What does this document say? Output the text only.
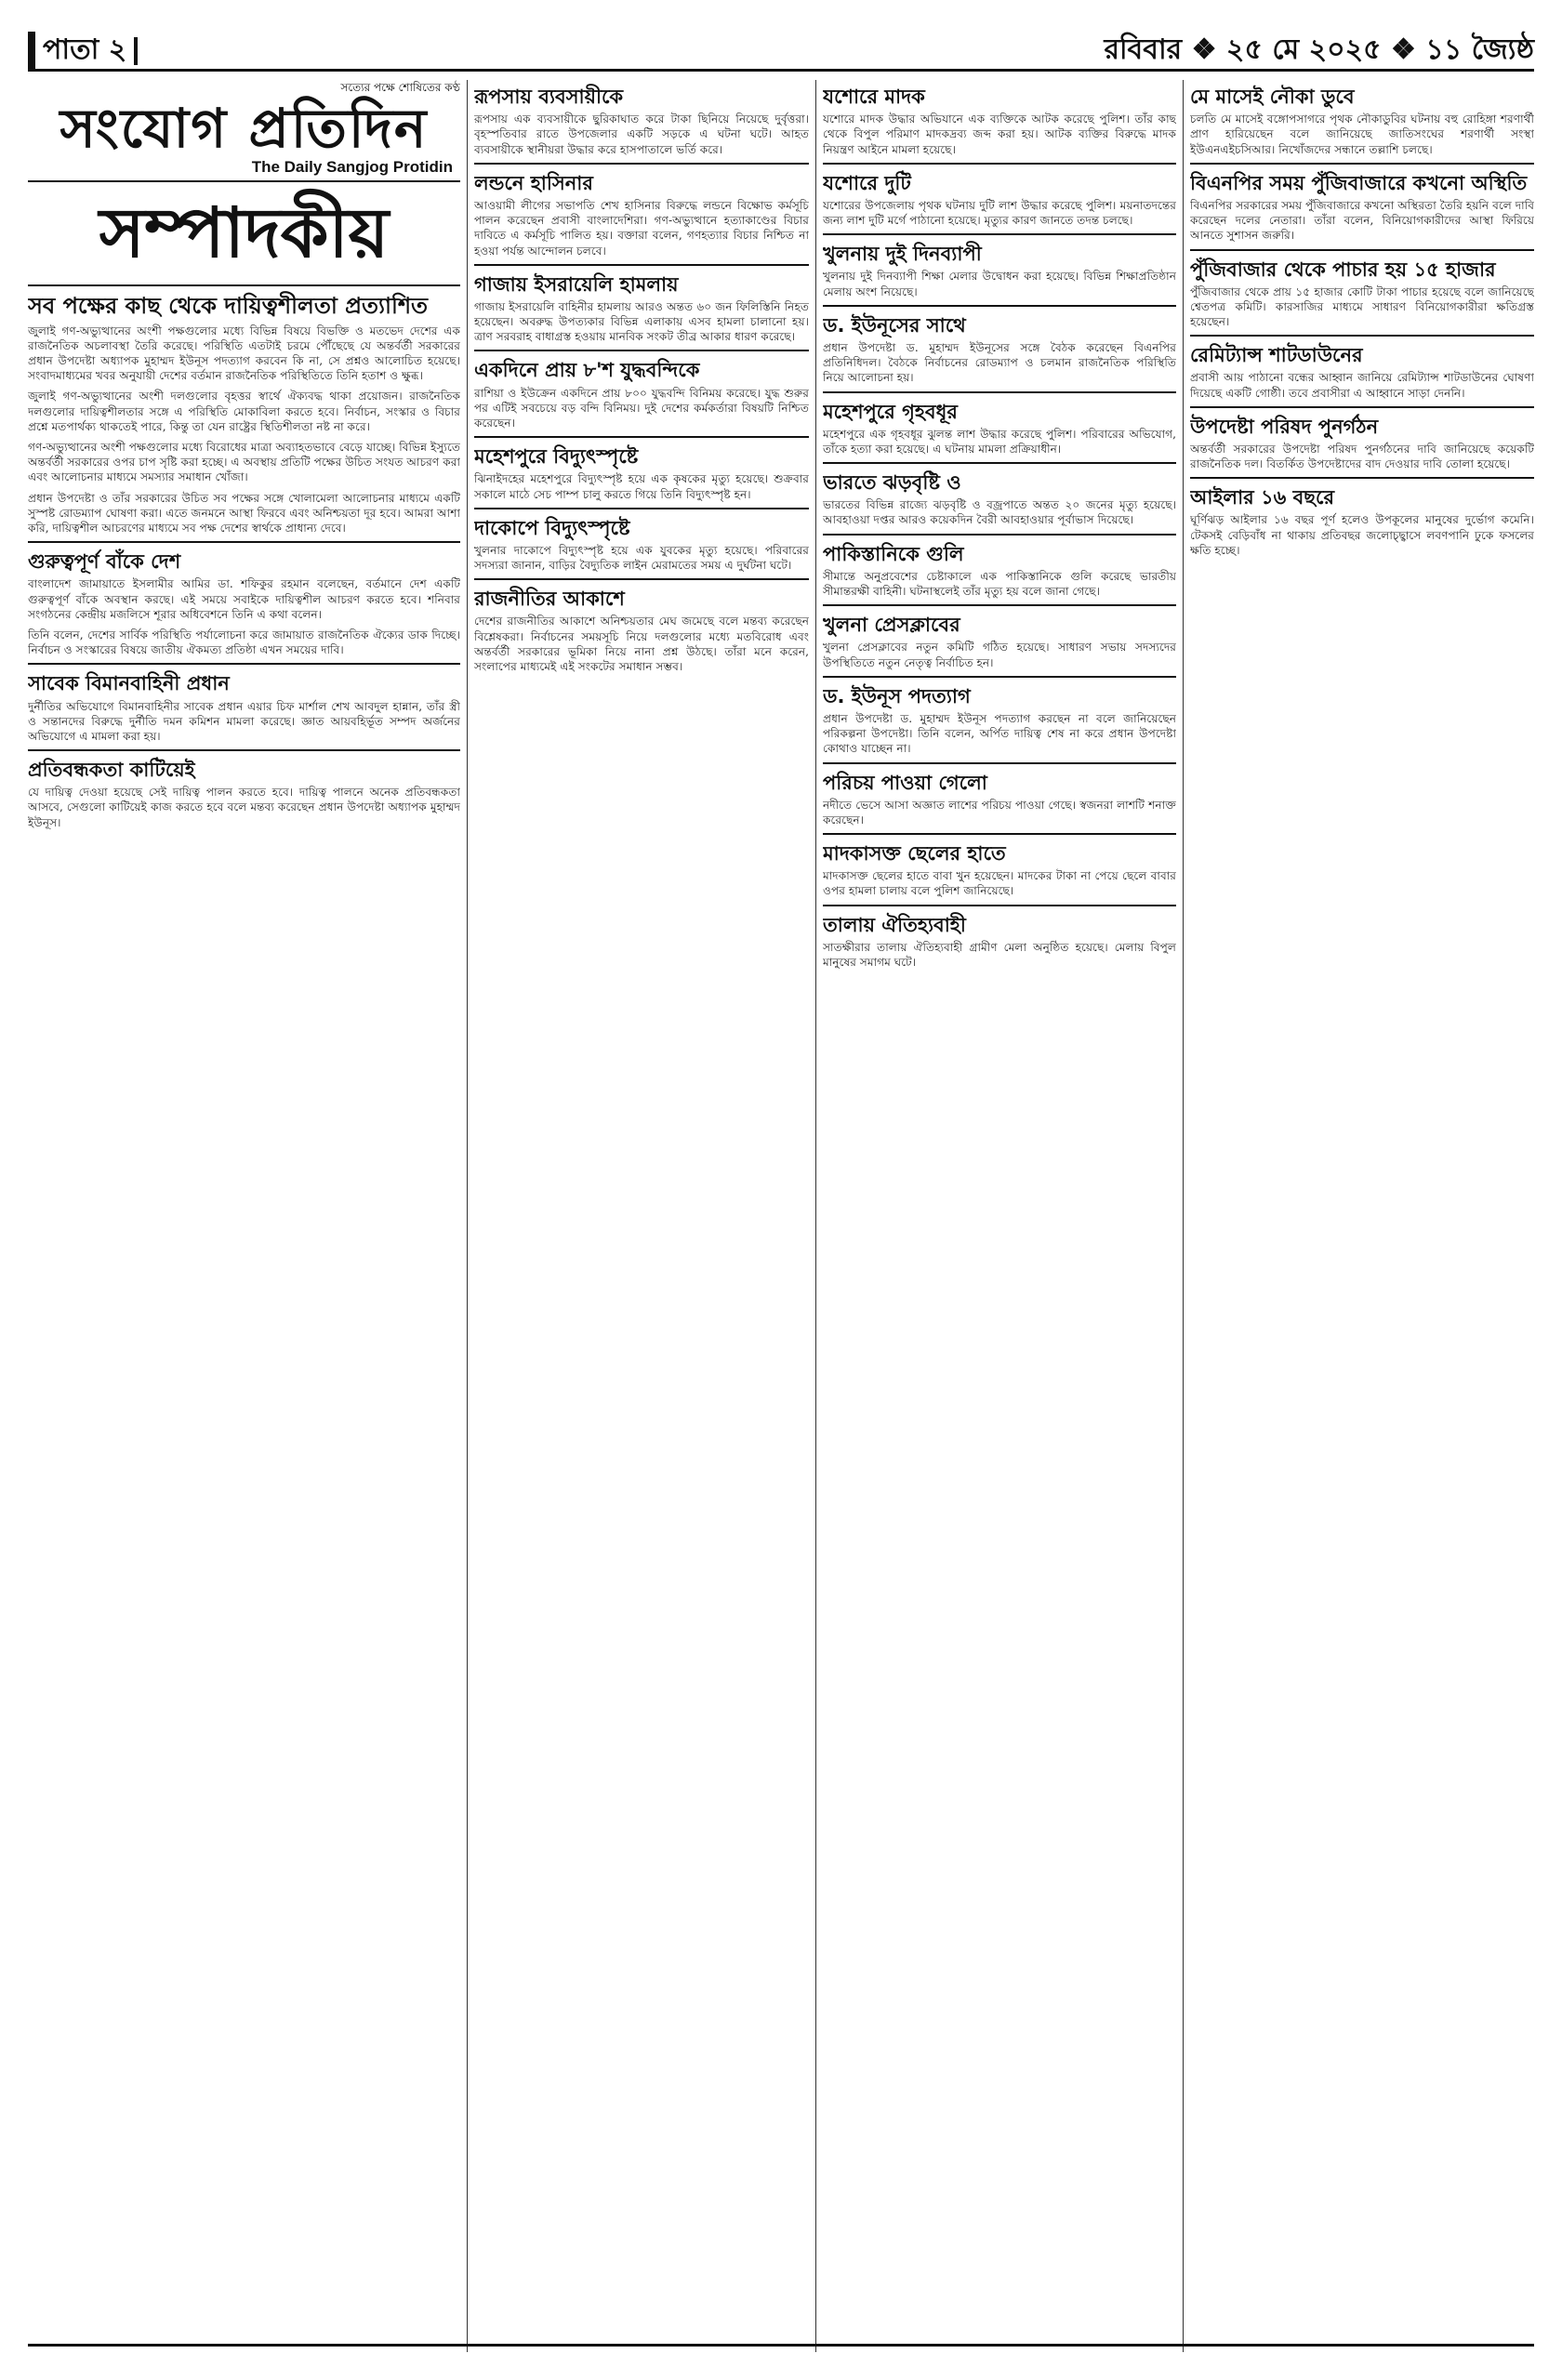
পাতা ২	রবিবার ❖ ২৫ মে ২০২৫ ❖ ১১ জ্যৈষ্ঠ
সত্যের পক্ষে শোষিতের কণ্ঠ
সংযোগ প্রতিদিন
The Daily Sangjog Protidin
সম্পাদকীয়
সব পক্ষের কাছ থেকে দায়িত্বশীলতা প্রত্যাশিত

জুলাই গণ-অভ্যুত্থানের অংশী পক্ষগুলোর মধ্যে বিভিন্ন বিষয়ে বিভক্তি ও মতভেদ দেশের এক রাজনৈতিক অচলাবস্থা তৈরি করেছে। পরিস্থিতি এতটাই চরমে পৌঁছেছে যে অন্তর্বর্তী সরকারের প্রধান উপদেষ্টা অধ্যাপক মুহাম্মদ ইউনূস পদত্যাগ করবেন কি না, সে প্রশ্নও আলোচিত হয়েছে। সংবাদমাধ্যমের খবর অনুযায়ী দেশের বর্তমান রাজনৈতিক পরিস্থিতিতে তিনি হতাশ ও ক্ষুব্ধ।

জুলাই গণ-অভ্যুত্থানের অংশী দলগুলোর বৃহত্তর স্বার্থে ঐক্যবদ্ধ থাকা প্রয়োজন। রাজনৈতিক দলগুলোর দায়িত্বশীলতার সঙ্গে এ পরিস্থিতি মোকাবিলা করতে হবে। নির্বাচন, সংস্কার ও বিচার প্রশ্নে মতপার্থক্য থাকতেই পারে, কিন্তু তা যেন রাষ্ট্রের স্থিতিশীলতা নষ্ট না করে।

গণ-অভ্যুত্থানের অংশী পক্ষগুলোর মধ্যে বিরোধের মাত্রা অব্যাহতভাবে বেড়ে যাচ্ছে। বিভিন্ন ইস্যুতে অন্তর্বর্তী সরকারের ওপর চাপ সৃষ্টি করা হচ্ছে। এ অবস্থায় প্রতিটি পক্ষের উচিত সংযত আচরণ করা এবং আলোচনার মাধ্যমে সমস্যার সমাধান খোঁজা।

প্রধান উপদেষ্টা ও তাঁর সরকারের উচিত সব পক্ষের সঙ্গে খোলামেলা আলোচনার মাধ্যমে একটি সুস্পষ্ট রোডম্যাপ ঘোষণা করা। এতে জনমনে আস্থা ফিরবে এবং অনিশ্চয়তা দূর হবে। আমরা আশা করি, দায়িত্বশীল আচরণের মাধ্যমে সব পক্ষ দেশের স্বার্থকে প্রাধান্য দেবে।

গুরুত্বপূর্ণ বাঁকে দেশ

বাংলাদেশ জামায়াতে ইসলামীর আমির ডা. শফিকুর রহমান বলেছেন, বর্তমানে দেশ একটি গুরুত্বপূর্ণ বাঁকে অবস্থান করছে। এই সময়ে সবাইকে দায়িত্বশীল আচরণ করতে হবে। শনিবার সংগঠনের কেন্দ্রীয় মজলিসে শূরার অধিবেশনে তিনি এ কথা বলেন।

তিনি বলেন, দেশের সার্বিক পরিস্থিতি পর্যালোচনা করে জামায়াত রাজনৈতিক ঐক্যের ডাক দিচ্ছে। নির্বাচন ও সংস্কারের বিষয়ে জাতীয় ঐকমত্য প্রতিষ্ঠা এখন সময়ের দাবি।

সাবেক বিমানবাহিনী প্রধান

দুর্নীতির অভিযোগে বিমানবাহিনীর সাবেক প্রধান এয়ার চিফ মার্শাল শেখ আবদুল হান্নান, তাঁর স্ত্রী ও সন্তানদের বিরুদ্ধে দুর্নীতি দমন কমিশন মামলা করেছে। জ্ঞাত আয়বহির্ভূত সম্পদ অর্জনের অভিযোগে এ মামলা করা হয়।

প্রতিবন্ধকতা কাটিয়েই

যে দায়িত্ব দেওয়া হয়েছে সেই দায়িত্ব পালন করতে হবে। দায়িত্ব পালনে অনেক প্রতিবন্ধকতা আসবে, সেগুলো কাটিয়েই কাজ করতে হবে বলে মন্তব্য করেছেন প্রধান উপদেষ্টা অধ্যাপক মুহাম্মদ ইউনূস।

রূপসায় ব্যবসায়ীকে

রূপসায় এক ব্যবসায়ীকে ছুরিকাঘাত করে টাকা ছিনিয়ে নিয়েছে দুর্বৃত্তরা। বৃহস্পতিবার রাতে উপজেলার একটি সড়কে এ ঘটনা ঘটে। আহত ব্যবসায়ীকে স্থানীয়রা উদ্ধার করে হাসপাতালে ভর্তি করে।

লন্ডনে হাসিনার

আওয়ামী লীগের সভাপতি শেখ হাসিনার বিরুদ্ধে লন্ডনে বিক্ষোভ কর্মসূচি পালন করেছেন প্রবাসী বাংলাদেশিরা। গণ-অভ্যুত্থানে হত্যাকাণ্ডের বিচার দাবিতে এ কর্মসূচি পালিত হয়। বক্তারা বলেন, গণহত্যার বিচার নিশ্চিত না হওয়া পর্যন্ত আন্দোলন চলবে।

গাজায় ইসরায়েলি হামলায়

গাজায় ইসরায়েলি বাহিনীর হামলায় আরও অন্তত ৬০ জন ফিলিস্তিনি নিহত হয়েছেন। অবরুদ্ধ উপত্যকার বিভিন্ন এলাকায় এসব হামলা চালানো হয়। ত্রাণ সরবরাহ বাধাগ্রস্ত হওয়ায় মানবিক সংকট তীব্র আকার ধারণ করেছে।

একদিনে প্রায় ৮'শ যুদ্ধবন্দিকে

রাশিয়া ও ইউক্রেন একদিনে প্রায় ৮০০ যুদ্ধবন্দি বিনিময় করেছে। যুদ্ধ শুরুর পর এটিই সবচেয়ে বড় বন্দি বিনিময়। দুই দেশের কর্মকর্তারা বিষয়টি নিশ্চিত করেছেন।

মহেশপুরে বিদ্যুৎস্পৃষ্টে

ঝিনাইদহের মহেশপুরে বিদ্যুৎস্পৃষ্ট হয়ে এক কৃষকের মৃত্যু হয়েছে। শুক্রবার সকালে মাঠে সেচ পাম্প চালু করতে গিয়ে তিনি বিদ্যুৎস্পৃষ্ট হন।

দাকোপে বিদ্যুৎস্পৃষ্টে

খুলনার দাকোপে বিদ্যুৎস্পৃষ্ট হয়ে এক যুবকের মৃত্যু হয়েছে। পরিবারের সদস্যরা জানান, বাড়ির বৈদ্যুতিক লাইন মেরামতের সময় এ দুর্ঘটনা ঘটে।

রাজনীতির আকাশে

দেশের রাজনীতির আকাশে অনিশ্চয়তার মেঘ জমেছে বলে মন্তব্য করেছেন বিশ্লেষকরা। নির্বাচনের সময়সূচি নিয়ে দলগুলোর মধ্যে মতবিরোধ এবং অন্তর্বর্তী সরকারের ভূমিকা নিয়ে নানা প্রশ্ন উঠছে। তাঁরা মনে করেন, সংলাপের মাধ্যমেই এই সংকটের সমাধান সম্ভব।

যশোরে মাদক

যশোরে মাদক উদ্ধার অভিযানে এক ব্যক্তিকে আটক করেছে পুলিশ। তাঁর কাছ থেকে বিপুল পরিমাণ মাদকদ্রব্য জব্দ করা হয়। আটক ব্যক্তির বিরুদ্ধে মাদক নিয়ন্ত্রণ আইনে মামলা হয়েছে।

যশোরে দুটি

যশোরের উপজেলায় পৃথক ঘটনায় দুটি লাশ উদ্ধার করেছে পুলিশ। ময়নাতদন্তের জন্য লাশ দুটি মর্গে পাঠানো হয়েছে। মৃত্যুর কারণ জানতে তদন্ত চলছে।

খুলনায় দুই দিনব্যাপী

খুলনায় দুই দিনব্যাপী শিক্ষা মেলার উদ্বোধন করা হয়েছে। বিভিন্ন শিক্ষাপ্রতিষ্ঠান মেলায় অংশ নিয়েছে।

ড. ইউনূসের সাথে

প্রধান উপদেষ্টা ড. মুহাম্মদ ইউনূসের সঙ্গে বৈঠক করেছেন বিএনপির প্রতিনিধিদল। বৈঠকে নির্বাচনের রোডম্যাপ ও চলমান রাজনৈতিক পরিস্থিতি নিয়ে আলোচনা হয়।

মহেশপুরে গৃহবধূর

মহেশপুরে এক গৃহবধূর ঝুলন্ত লাশ উদ্ধার করেছে পুলিশ। পরিবারের অভিযোগ, তাঁকে হত্যা করা হয়েছে। এ ঘটনায় মামলা প্রক্রিয়াধীন।

ভারতে ঝড়বৃষ্টি ও

ভারতের বিভিন্ন রাজ্যে ঝড়বৃষ্টি ও বজ্রপাতে অন্তত ২০ জনের মৃত্যু হয়েছে। আবহাওয়া দপ্তর আরও কয়েকদিন বৈরী আবহাওয়ার পূর্বাভাস দিয়েছে।

পাকিস্তানিকে গুলি

সীমান্তে অনুপ্রবেশের চেষ্টাকালে এক পাকিস্তানিকে গুলি করেছে ভারতীয় সীমান্তরক্ষী বাহিনী। ঘটনাস্থলেই তাঁর মৃত্যু হয় বলে জানা গেছে।

খুলনা প্রেসক্লাবের

খুলনা প্রেসক্লাবের নতুন কমিটি গঠিত হয়েছে। সাধারণ সভায় সদস্যদের উপস্থিতিতে নতুন নেতৃত্ব নির্বাচিত হন।

ড. ইউনূস পদত্যাগ

প্রধান উপদেষ্টা ড. মুহাম্মদ ইউনূস পদত্যাগ করছেন না বলে জানিয়েছেন পরিকল্পনা উপদেষ্টা। তিনি বলেন, অর্পিত দায়িত্ব শেষ না করে প্রধান উপদেষ্টা কোথাও যাচ্ছেন না।

পরিচয় পাওয়া গেলো

নদীতে ভেসে আসা অজ্ঞাত লাশের পরিচয় পাওয়া গেছে। স্বজনরা লাশটি শনাক্ত করেছেন।

মাদকাসক্ত ছেলের হাতে

মাদকাসক্ত ছেলের হাতে বাবা খুন হয়েছেন। মাদকের টাকা না পেয়ে ছেলে বাবার ওপর হামলা চালায় বলে পুলিশ জানিয়েছে।

তালায় ঐতিহ্যবাহী

সাতক্ষীরার তালায় ঐতিহ্যবাহী গ্রামীণ মেলা অনুষ্ঠিত হয়েছে। মেলায় বিপুল মানুষের সমাগম ঘটে।

মে মাসেই নৌকা ডুবে

চলতি মে মাসেই বঙ্গোপসাগরে পৃথক নৌকাডুবির ঘটনায় বহু রোহিঙ্গা শরণার্থী প্রাণ হারিয়েছেন বলে জানিয়েছে জাতিসংঘের শরণার্থী সংস্থা ইউএনএইচসিআর। নিখোঁজদের সন্ধানে তল্লাশি চলছে।

বিএনপির সময় পুঁজিবাজারে কখনো অস্থিতি

বিএনপির সরকারের সময় পুঁজিবাজারে কখনো অস্থিরতা তৈরি হয়নি বলে দাবি করেছেন দলের নেতারা। তাঁরা বলেন, বিনিয়োগকারীদের আস্থা ফিরিয়ে আনতে সুশাসন জরুরি।

পুঁজিবাজার থেকে পাচার হয় ১৫ হাজার

পুঁজিবাজার থেকে প্রায় ১৫ হাজার কোটি টাকা পাচার হয়েছে বলে জানিয়েছে শ্বেতপত্র কমিটি। কারসাজির মাধ্যমে সাধারণ বিনিয়োগকারীরা ক্ষতিগ্রস্ত হয়েছেন।

রেমিট্যান্স শাটডাউনের

প্রবাসী আয় পাঠানো বন্ধের আহ্বান জানিয়ে রেমিট্যান্স শাটডাউনের ঘোষণা দিয়েছে একটি গোষ্ঠী। তবে প্রবাসীরা এ আহ্বানে সাড়া দেননি।

উপদেষ্টা পরিষদ পুনর্গঠন

অন্তর্বর্তী সরকারের উপদেষ্টা পরিষদ পুনর্গঠনের দাবি জানিয়েছে কয়েকটি রাজনৈতিক দল। বিতর্কিত উপদেষ্টাদের বাদ দেওয়ার দাবি তোলা হয়েছে।

আইলার ১৬ বছরে

ঘূর্ণিঝড় আইলার ১৬ বছর পূর্ণ হলেও উপকূলের মানুষের দুর্ভোগ কমেনি। টেকসই বেড়িবাঁধ না থাকায় প্রতিবছর জলোচ্ছ্বাসে লবণপানি ঢুকে ফসলের ক্ষতি হচ্ছে।
